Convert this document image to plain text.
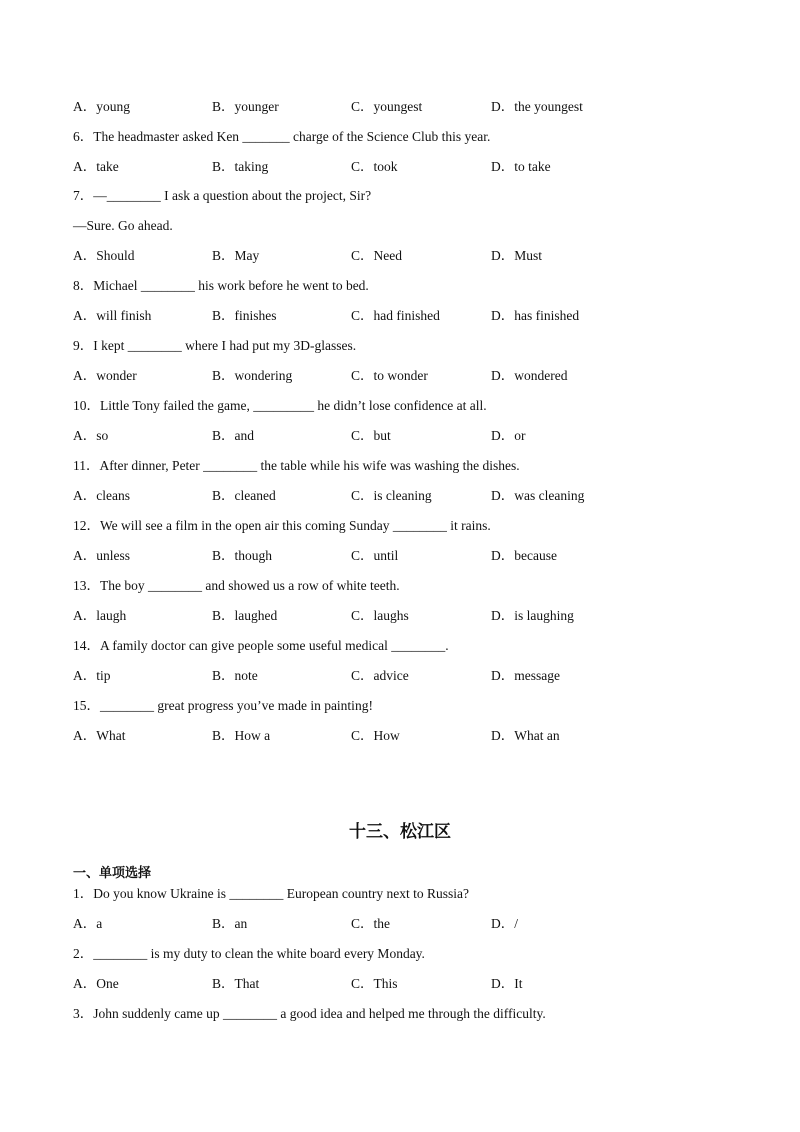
A．young	B．younger	C．youngest	D．the youngest
6．The headmaster asked Ken _______ charge of the Science Club this year.
A．take	B．taking	C．took	D．to take
7．—________ I ask a question about the project, Sir?
—Sure. Go ahead.
A．Should	B．May	C．Need	D．Must
8．Michael ________ his work before he went to bed.
A．will finish	B．finishes	C．had finished	D．has finished
9．I kept ________ where I had put my 3D-glasses.
A．wonder	B．wondering	C．to wonder	D．wondered
10．Little Tony failed the game, _________ he didn’t lose confidence at all.
A．so	B．and	C．but	D．or
11．After dinner, Peter ________ the table while his wife was washing the dishes.
A．cleans	B．cleaned	C．is cleaning	D．was cleaning
12．We will see a film in the open air this coming Sunday ________ it rains.
A．unless	B．though	C．until	D．because
13．The boy ________ and showed us a row of white teeth.
A．laugh	B．laughed	C．laughs	D．is laughing
14．A family doctor can give people some useful medical ________.
A．tip	B．note	C．advice	D．message
15．________ great progress you’ve made in painting!
A．What	B．How a	C．How	D．What an
十三、松江区
一、单项选择
1．Do you know Ukraine is ________ European country next to Russia?
A．a	B．an	C．the	D．/
2．________ is my duty to clean the white board every Monday.
A．One	B．That	C．This	D．It
3．John suddenly came up ________ a good idea and helped me through the difficulty.
